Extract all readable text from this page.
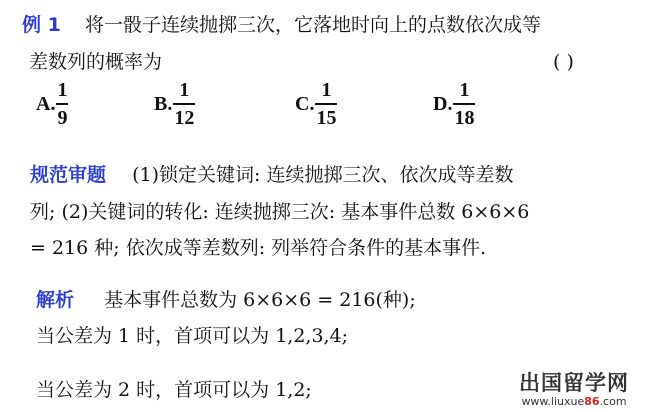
例 1 将一骰子连续抛掷三次，它落地时向上的点数依次成等
差数列的概率为	( )
A. $\frac{1}{9}$	B. $\frac{1}{12}$	C. $\frac{1}{15}$	D. $\frac{1}{18}$
规范审题 (1)锁定关键词: 连续抛掷三次、依次成等差数
列; (2)关键词的转化: 连续抛掷三次: 基本事件总数 6×6×6
= 216 种; 依次成等差数列: 列举符合条件的基本事件.
解析 基本事件总数为 6×6×6 = 216(种);
当公差为 1 时，首项可以为 1,2,3,4;
当公差为 2 时，首项可以为 1,2;	出国留学网
www.liuxue86.com
